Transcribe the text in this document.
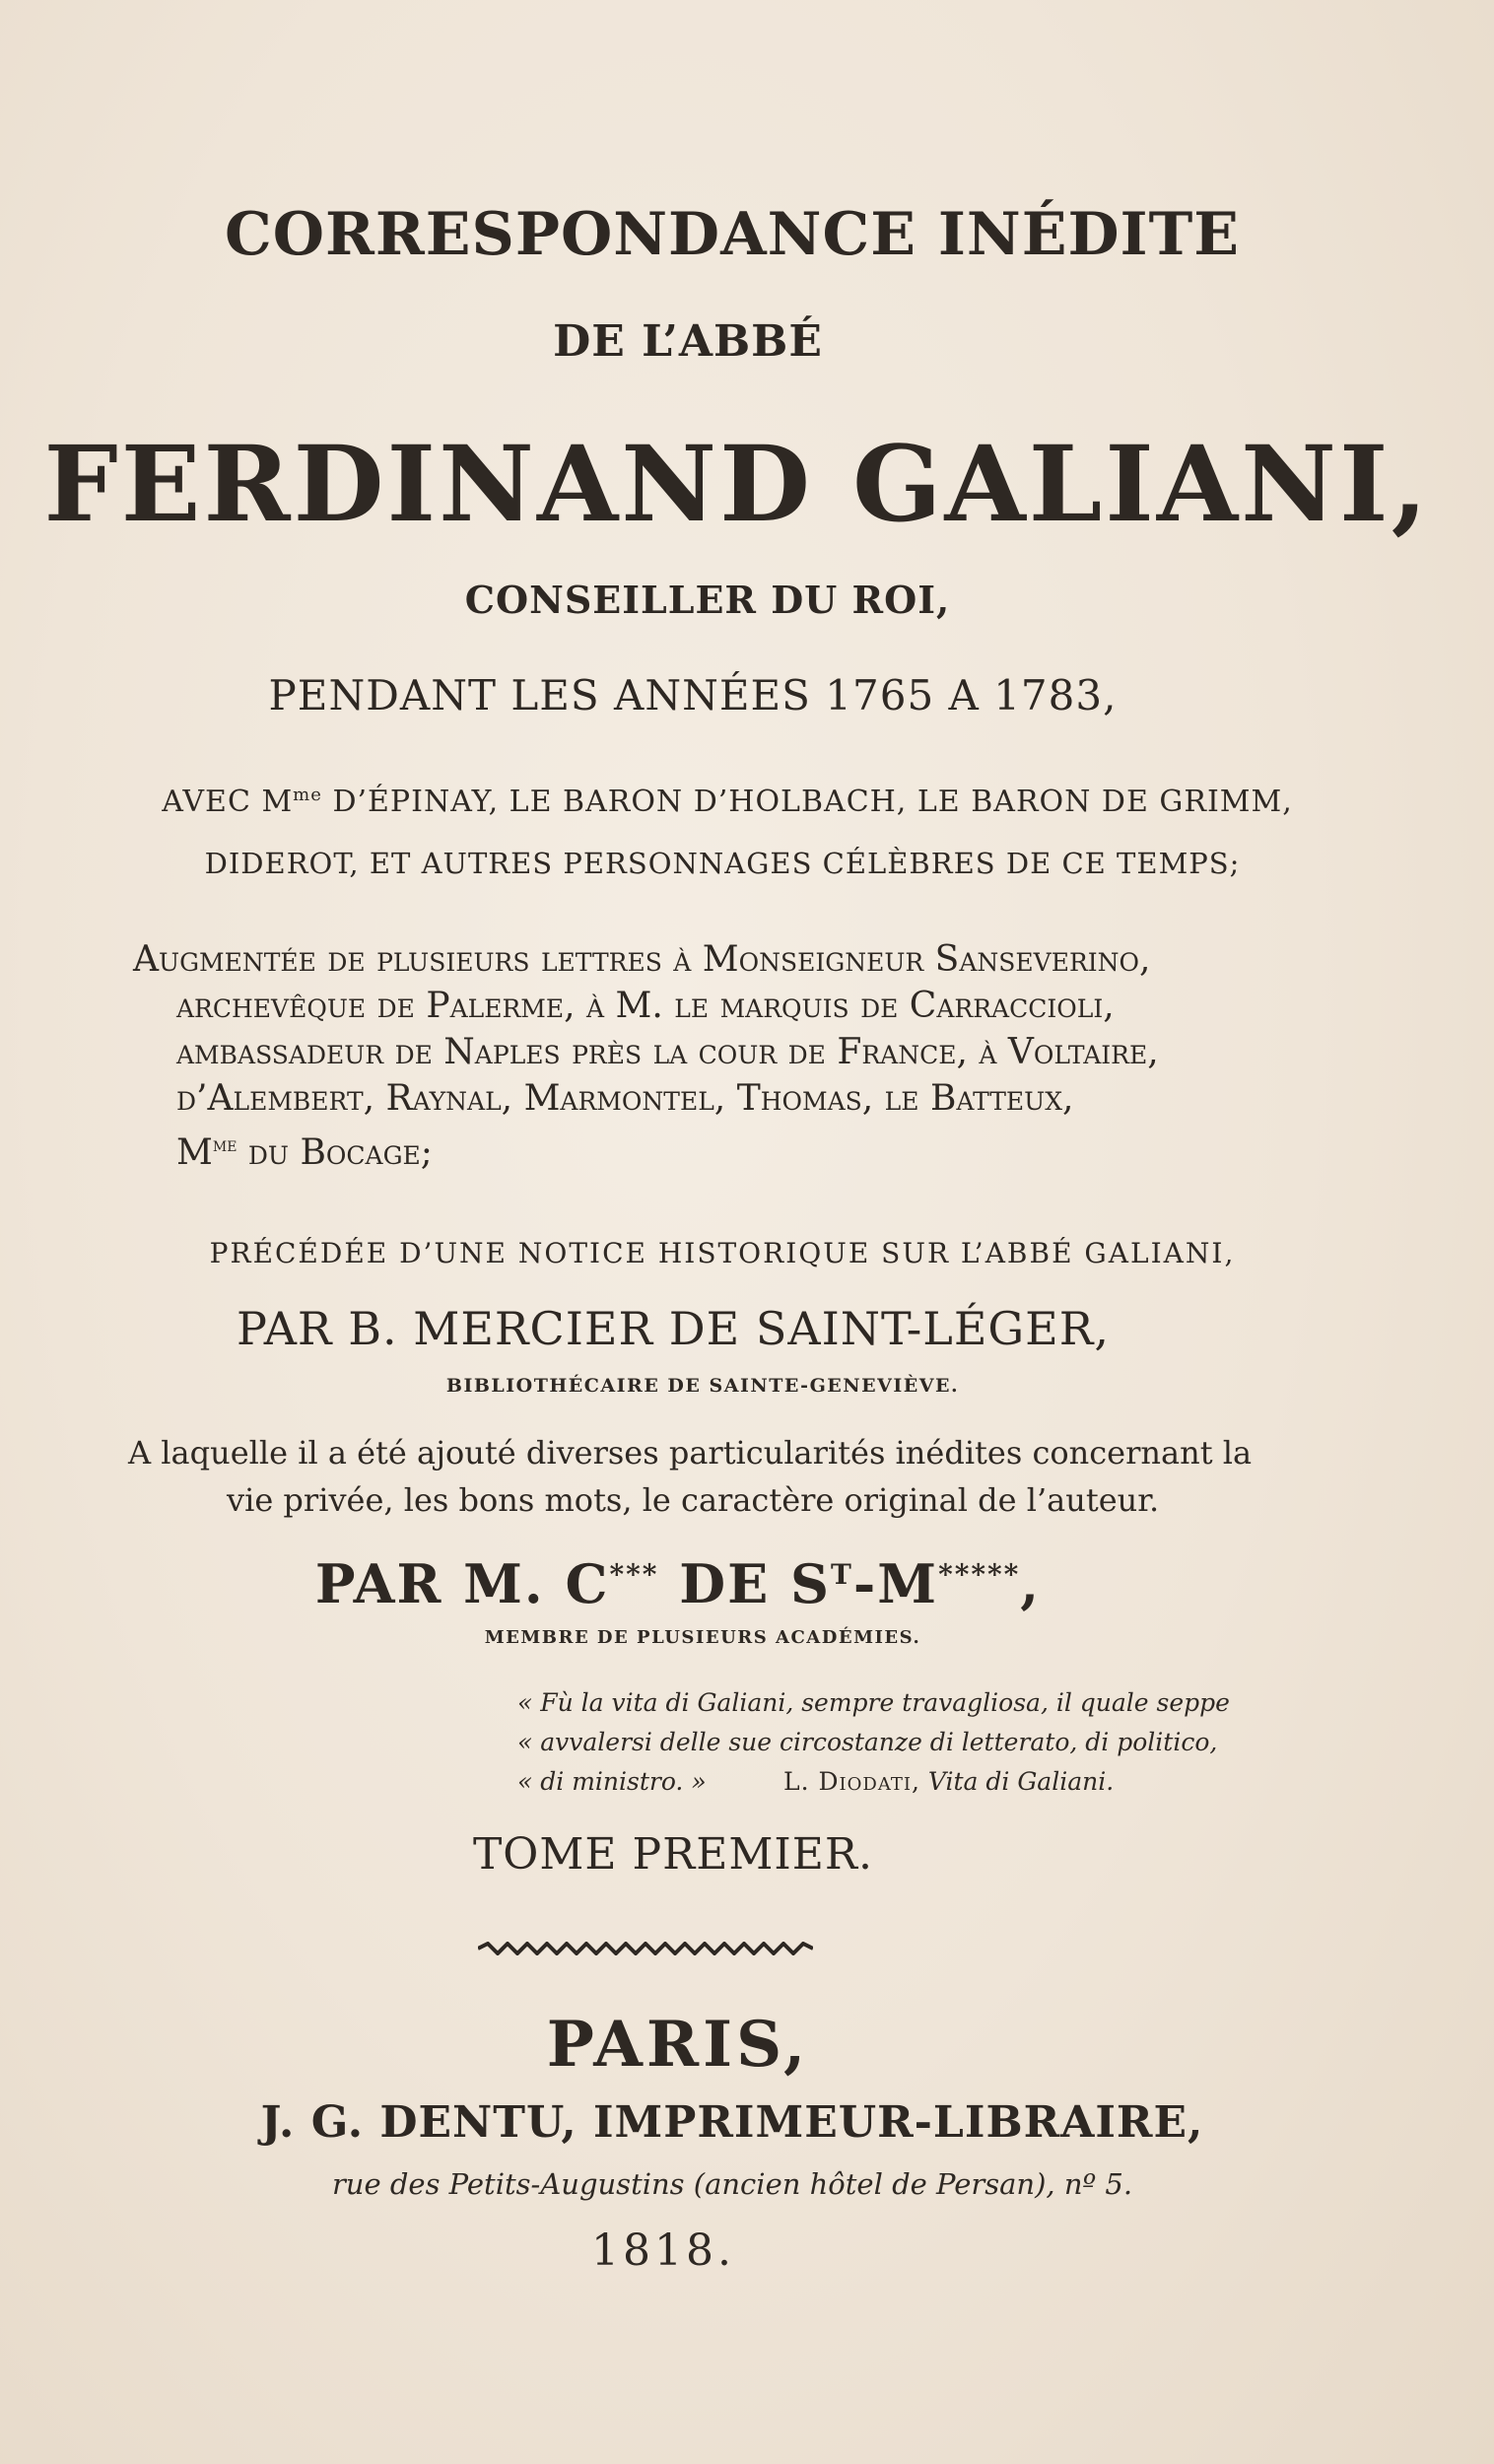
CORRESPONDANCE INÉDITE
DE L’ABBÉ
FERDINAND GALIANI,
CONSEILLER DU ROI,
PENDANT LES ANNÉES 1765 A 1783,
AVEC $M^{me}$ D’ÉPINAY, LE BARON D’HOLBACH, LE BARON DE GRIMM,
DIDEROT, ET AUTRES PERSONNAGES CÉLÈBRES DE CE TEMPS;
Augmentée de plusieurs lettres à Monseigneur Sanseverino,
archevêque de Palerme, à M. le marquis de Carraccioli,
ambassadeur de Naples près la cour de France, à Voltaire,
d’Alembert, Raynal, Marmontel, Thomas, le Batteux,
$M^{me}$ du Bocage;
PRÉCÉDÉE D’UNE NOTICE HISTORIQUE SUR L’ABBÉ GALIANI,
PAR B. MERCIER DE SAINT-LÉGER,
BIBLIOTHÉCAIRE DE SAINTE-GENEVIÈVE.
A laquelle il a été ajouté diverses particularités inédites concernant la
vie privée, les bons mots, le caractère original de l’auteur.
PAR M. C*** DE $S^T-M^{*****}$,
MEMBRE DE PLUSIEURS ACADÉMIES.
« Fù la vita di Galiani, sempre travagliosa, il quale seppe
« avvalersi delle sue circostanze di letterato, di politico,
« di ministro. »	L. Diodati, Vita di Galiani.
TOME PREMIER.
PARIS,
J. G. DENTU, IMPRIMEUR-LIBRAIRE,
rue des Petits-Augustins (ancien hôtel de Persan), nº 5.
1818.
